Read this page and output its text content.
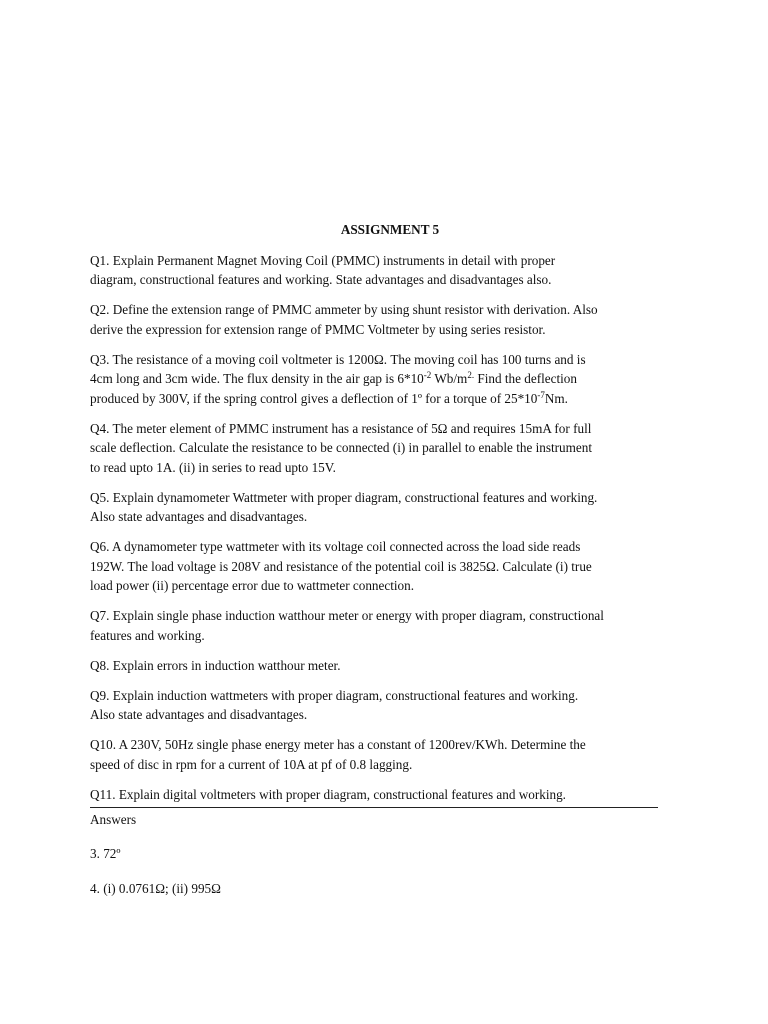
ASSIGNMENT 5
Q1. Explain Permanent Magnet Moving Coil (PMMC) instruments in detail with proper
diagram, constructional features and working. State advantages and disadvantages also.
Q2. Define the extension range of PMMC ammeter by using shunt resistor with derivation. Also
derive the expression for extension range of PMMC Voltmeter by using series resistor.
Q3. The resistance of a moving coil voltmeter is 1200Ω. The moving coil has 100 turns and is
4cm long and 3cm wide. The flux density in the air gap is $6*10^{-2}$ $Wb/m^{2.}$ Find the deflection
produced by 300V, if the spring control gives a deflection of 1º for a torque of $25*10^{-7}Nm$.
Q4. The meter element of PMMC instrument has a resistance of 5Ω and requires 15mA for full
scale deflection. Calculate the resistance to be connected (i) in parallel to enable the instrument
to read upto 1A. (ii) in series to read upto 15V.
Q5. Explain dynamometer Wattmeter with proper diagram, constructional features and working.
Also state advantages and disadvantages.
Q6. A dynamometer type wattmeter with its voltage coil connected across the load side reads
192W. The load voltage is 208V and resistance of the potential coil is 3825Ω. Calculate (i) true
load power (ii) percentage error due to wattmeter connection.
Q7. Explain single phase induction watthour meter or energy with proper diagram, constructional
features and working.
Q8. Explain errors in induction watthour meter.
Q9. Explain induction wattmeters with proper diagram, constructional features and working.
Also state advantages and disadvantages.
Q10. A 230V, 50Hz single phase energy meter has a constant of 1200rev/KWh. Determine the
speed of disc in rpm for a current of 10A at pf of 0.8 lagging.
Q11. Explain digital voltmeters with proper diagram, constructional features and working.
Answers
3. 72º
4. (i) 0.0761Ω; (ii) 995Ω
